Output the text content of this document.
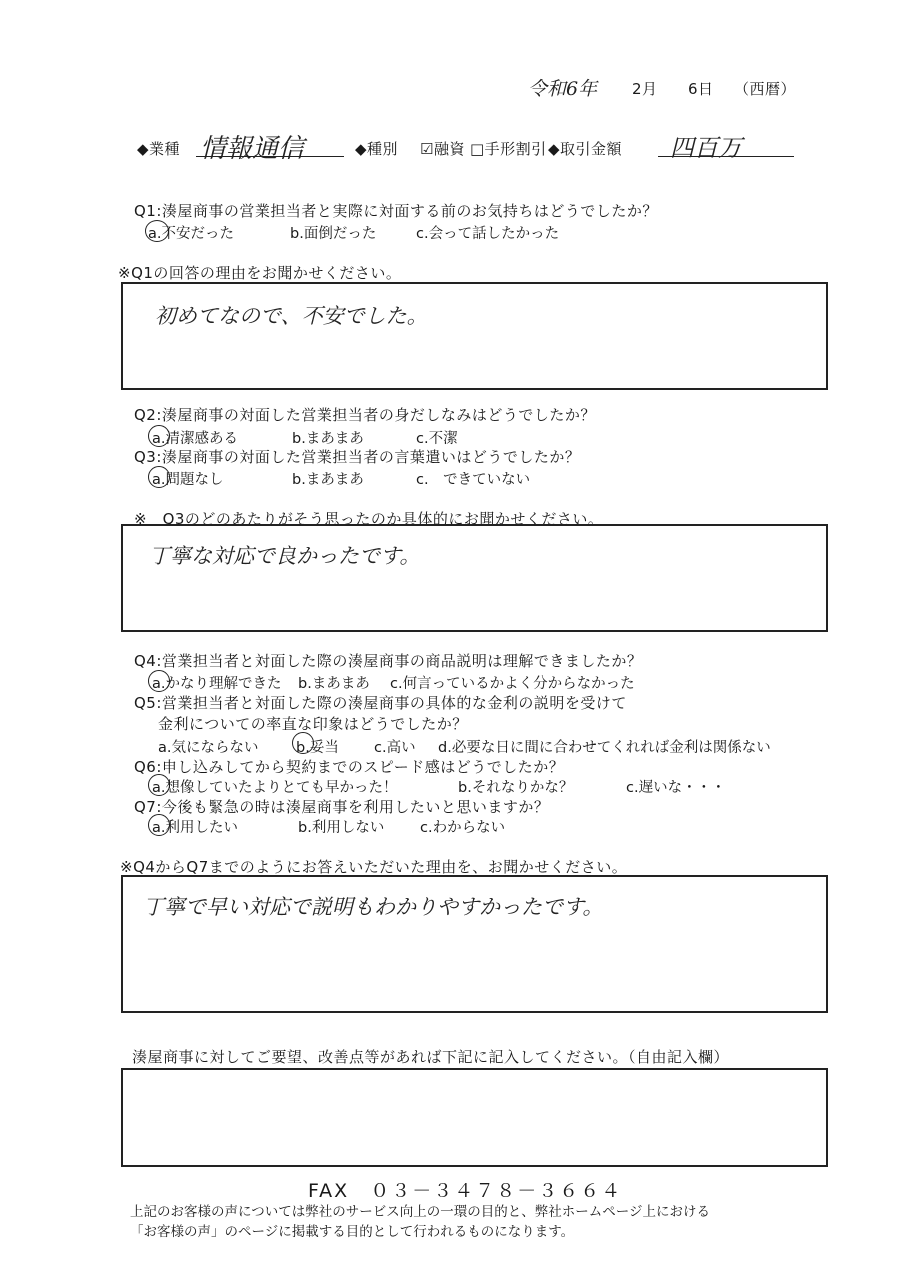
令和6年 2月 6日 （西暦）
◆業種 情報通信	◆種別 ☑融資 □手形割引 ◆取引金額 四百万
Q1:湊屋商事の営業担当者と実際に対面する前のお気持ちはどうでしたか？
a.不安だった	b.面倒だった	c.会って話したかった
※Q1の回答の理由をお聞かせください。
初めてなので、不安でした。
Q2:湊屋商事の対面した営業担当者の身だしなみはどうでしたか？
a.清潔感ある	b.まあまあ	c.不潔
Q3:湊屋商事の対面した営業担当者の言葉遣いはどうでしたか？
a.問題なし	b.まあまあ	c.　できていない
※　Q3のどのあたりがそう思ったのか具体的にお聞かせください。
丁寧な対応で良かったです。
Q4:営業担当者と対面した際の湊屋商事の商品説明は理解できましたか？
a.かなり理解できた b.まあまあ c.何言っているかよく分からなかった
Q5:営業担当者と対面した際の湊屋商事の具体的な金利の説明を受けて
金利についての率直な印象はどうでしたか？
a.気にならない	b.妥当 c.高い d.必要な日に間に合わせてくれれば金利は関係ない
Q6:申し込みしてから契約までのスピード感はどうでしたか？
a.想像していたよりとても早かった！	b.それなりかな？	c.遅いな・・・
Q7:今後も緊急の時は湊屋商事を利用したいと思いますか？
a.利用したい	b.利用しない c.わからない
※Q4からQ7までのようにお答えいただいた理由を、お聞かせください。
丁寧で早い対応で説明もわかりやすかったです。
湊屋商事に対してご要望、改善点等があれば下記に記入してください。（自由記入欄）
FAX　０３－３４７８－３６６４
上記のお客様の声については弊社のサービス向上の一環の目的と、弊社ホームページ上における
「お客様の声」のページに掲載する目的として行われるものになります。
